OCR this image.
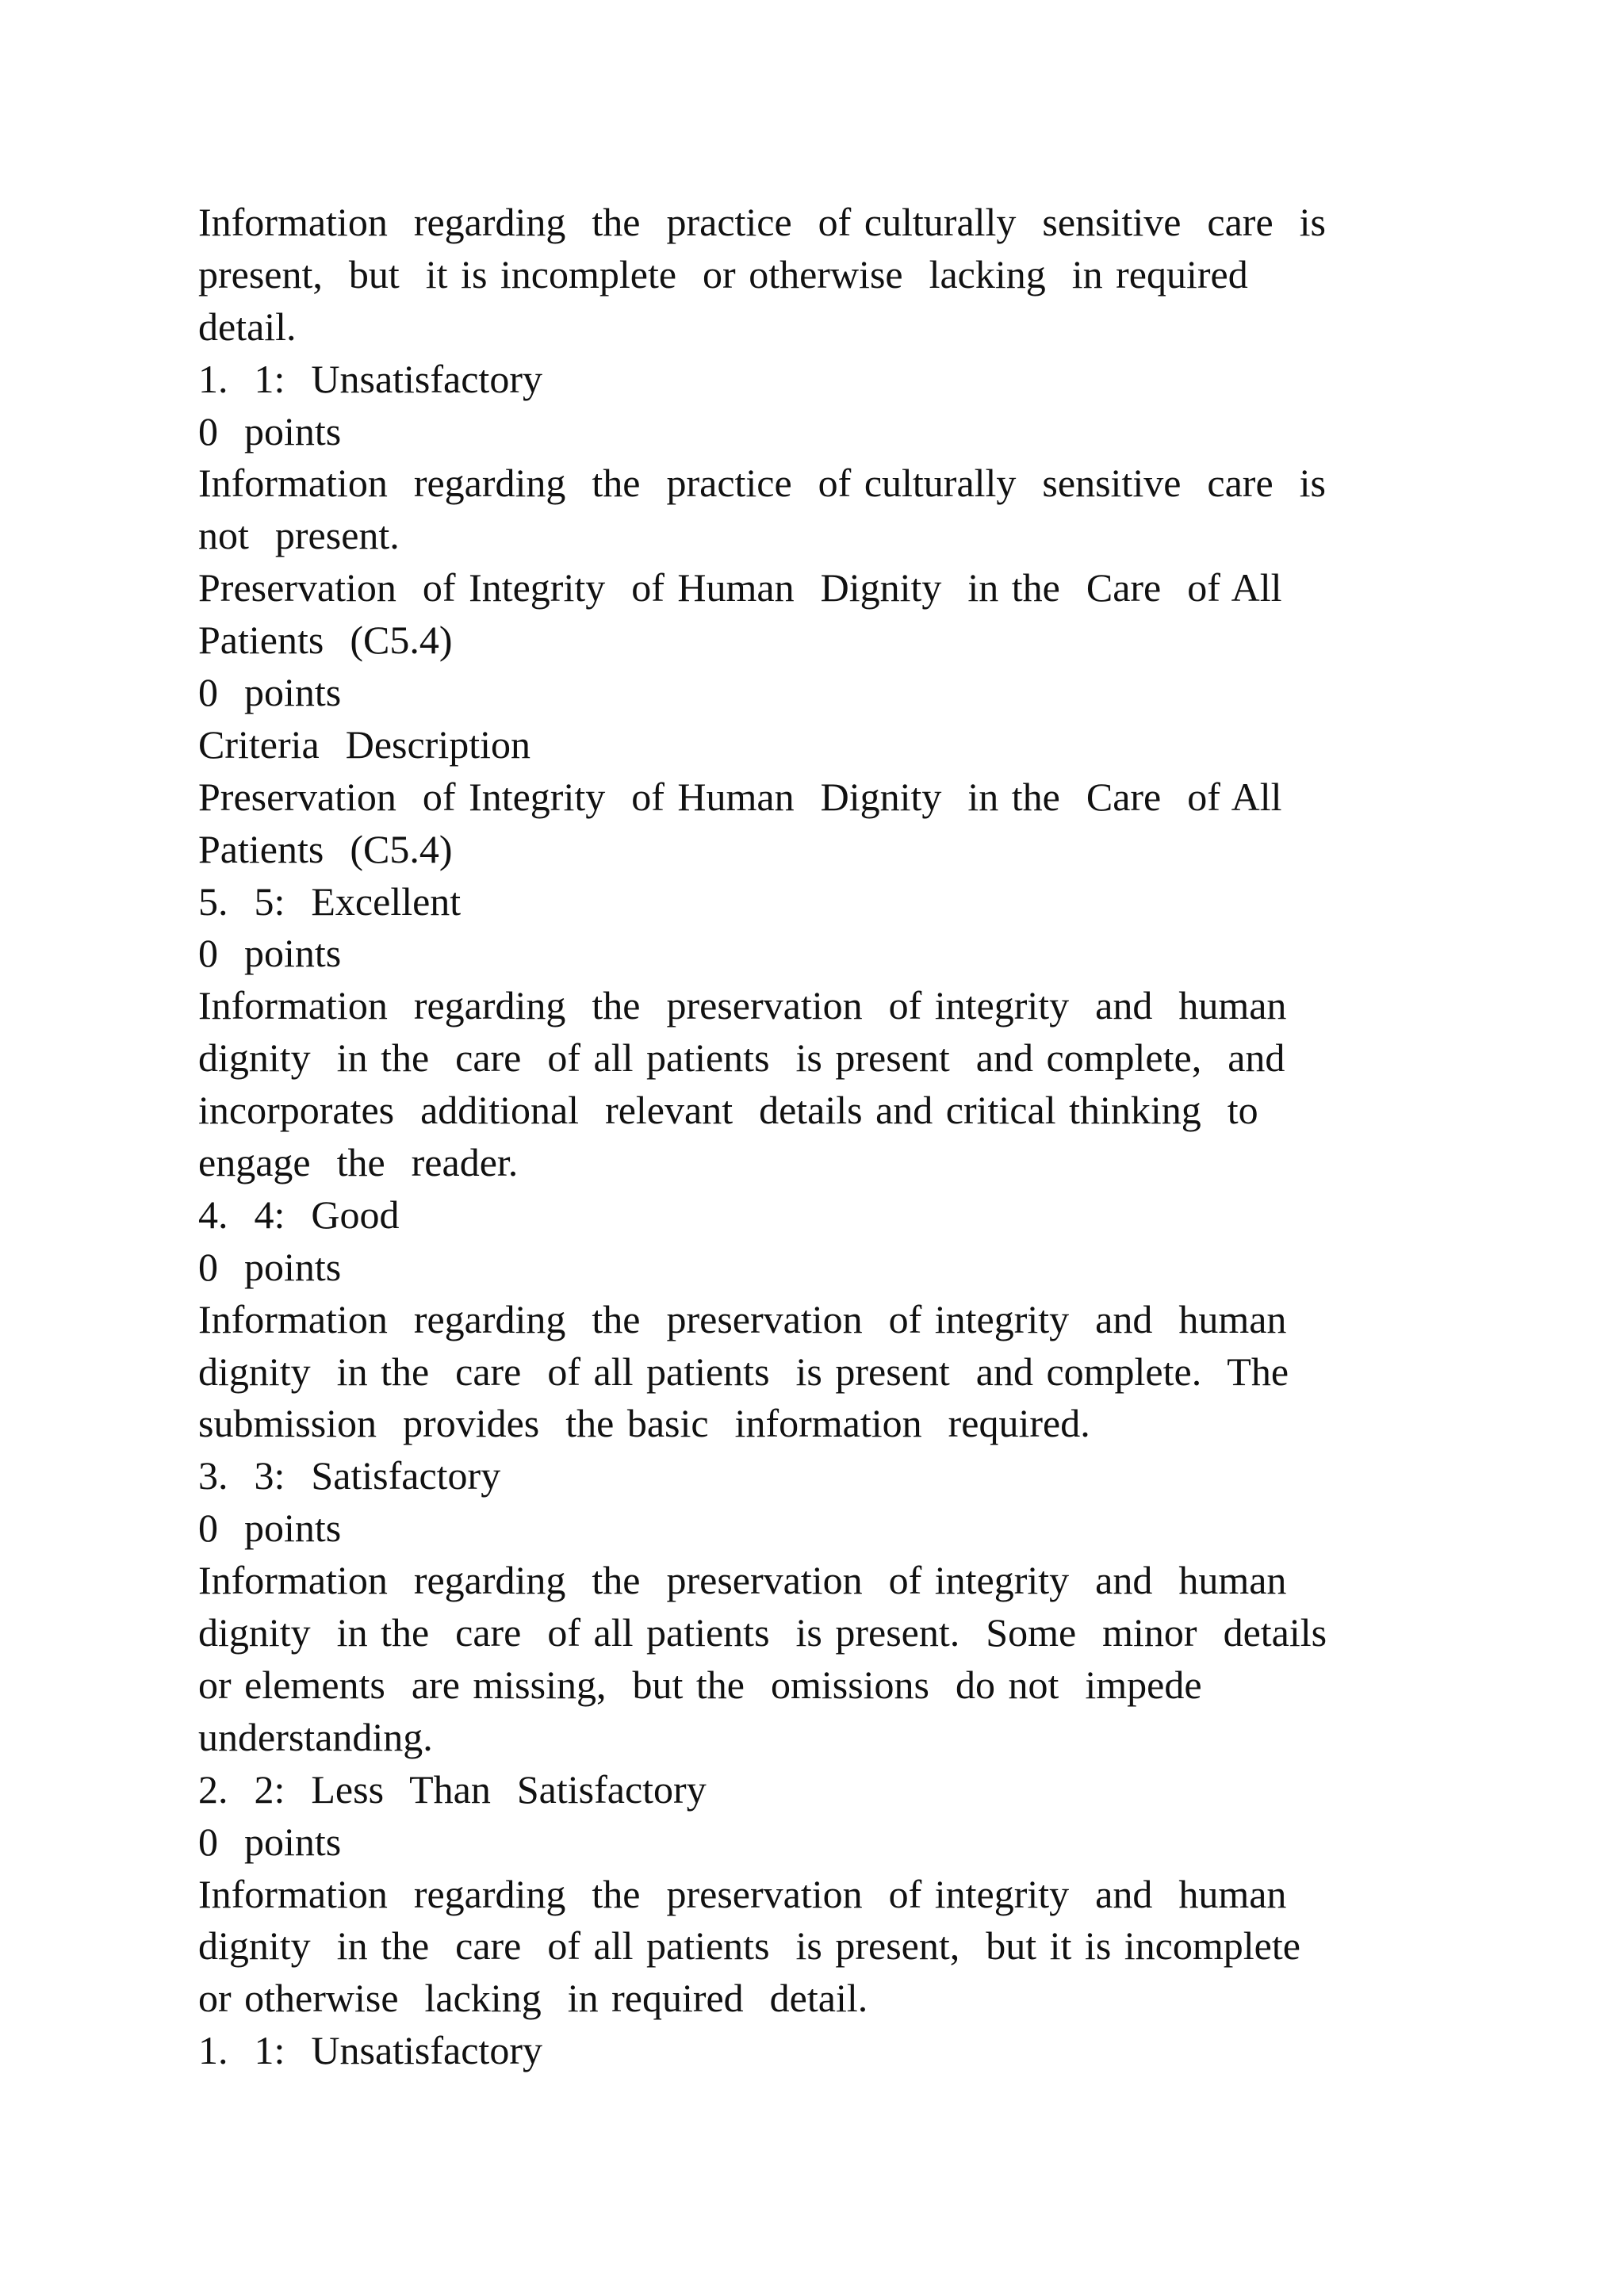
Information  regarding  the  practice  of culturally  sensitive  care  is
present,  but  it is incomplete  or otherwise  lacking  in required
detail.
1.  1:  Unsatisfactory
0  points
Information  regarding  the  practice  of culturally  sensitive  care  is
not  present.
Preservation  of Integrity  of Human  Dignity  in the  Care  of All
Patients  (C5.4)
0  points
Criteria  Description
Preservation  of Integrity  of Human  Dignity  in the  Care  of All
Patients  (C5.4)
5.  5:  Excellent
0  points
Information  regarding  the  preservation  of integrity  and  human
dignity  in the  care  of all patients  is present  and complete,  and
incorporates  additional  relevant  details and critical thinking  to
engage  the  reader.
4.  4:  Good
0  points
Information  regarding  the  preservation  of integrity  and  human
dignity  in the  care  of all patients  is present  and complete.  The
submission  provides  the basic  information  required.
3.  3:  Satisfactory
0  points
Information  regarding  the  preservation  of integrity  and  human
dignity  in the  care  of all patients  is present.  Some  minor  details
or elements  are missing,  but the  omissions  do not  impede
understanding.
2.  2:  Less  Than  Satisfactory
0  points
Information  regarding  the  preservation  of integrity  and  human
dignity  in the  care  of all patients  is present,  but it is incomplete
or otherwise  lacking  in required  detail.
1.  1:  Unsatisfactory
